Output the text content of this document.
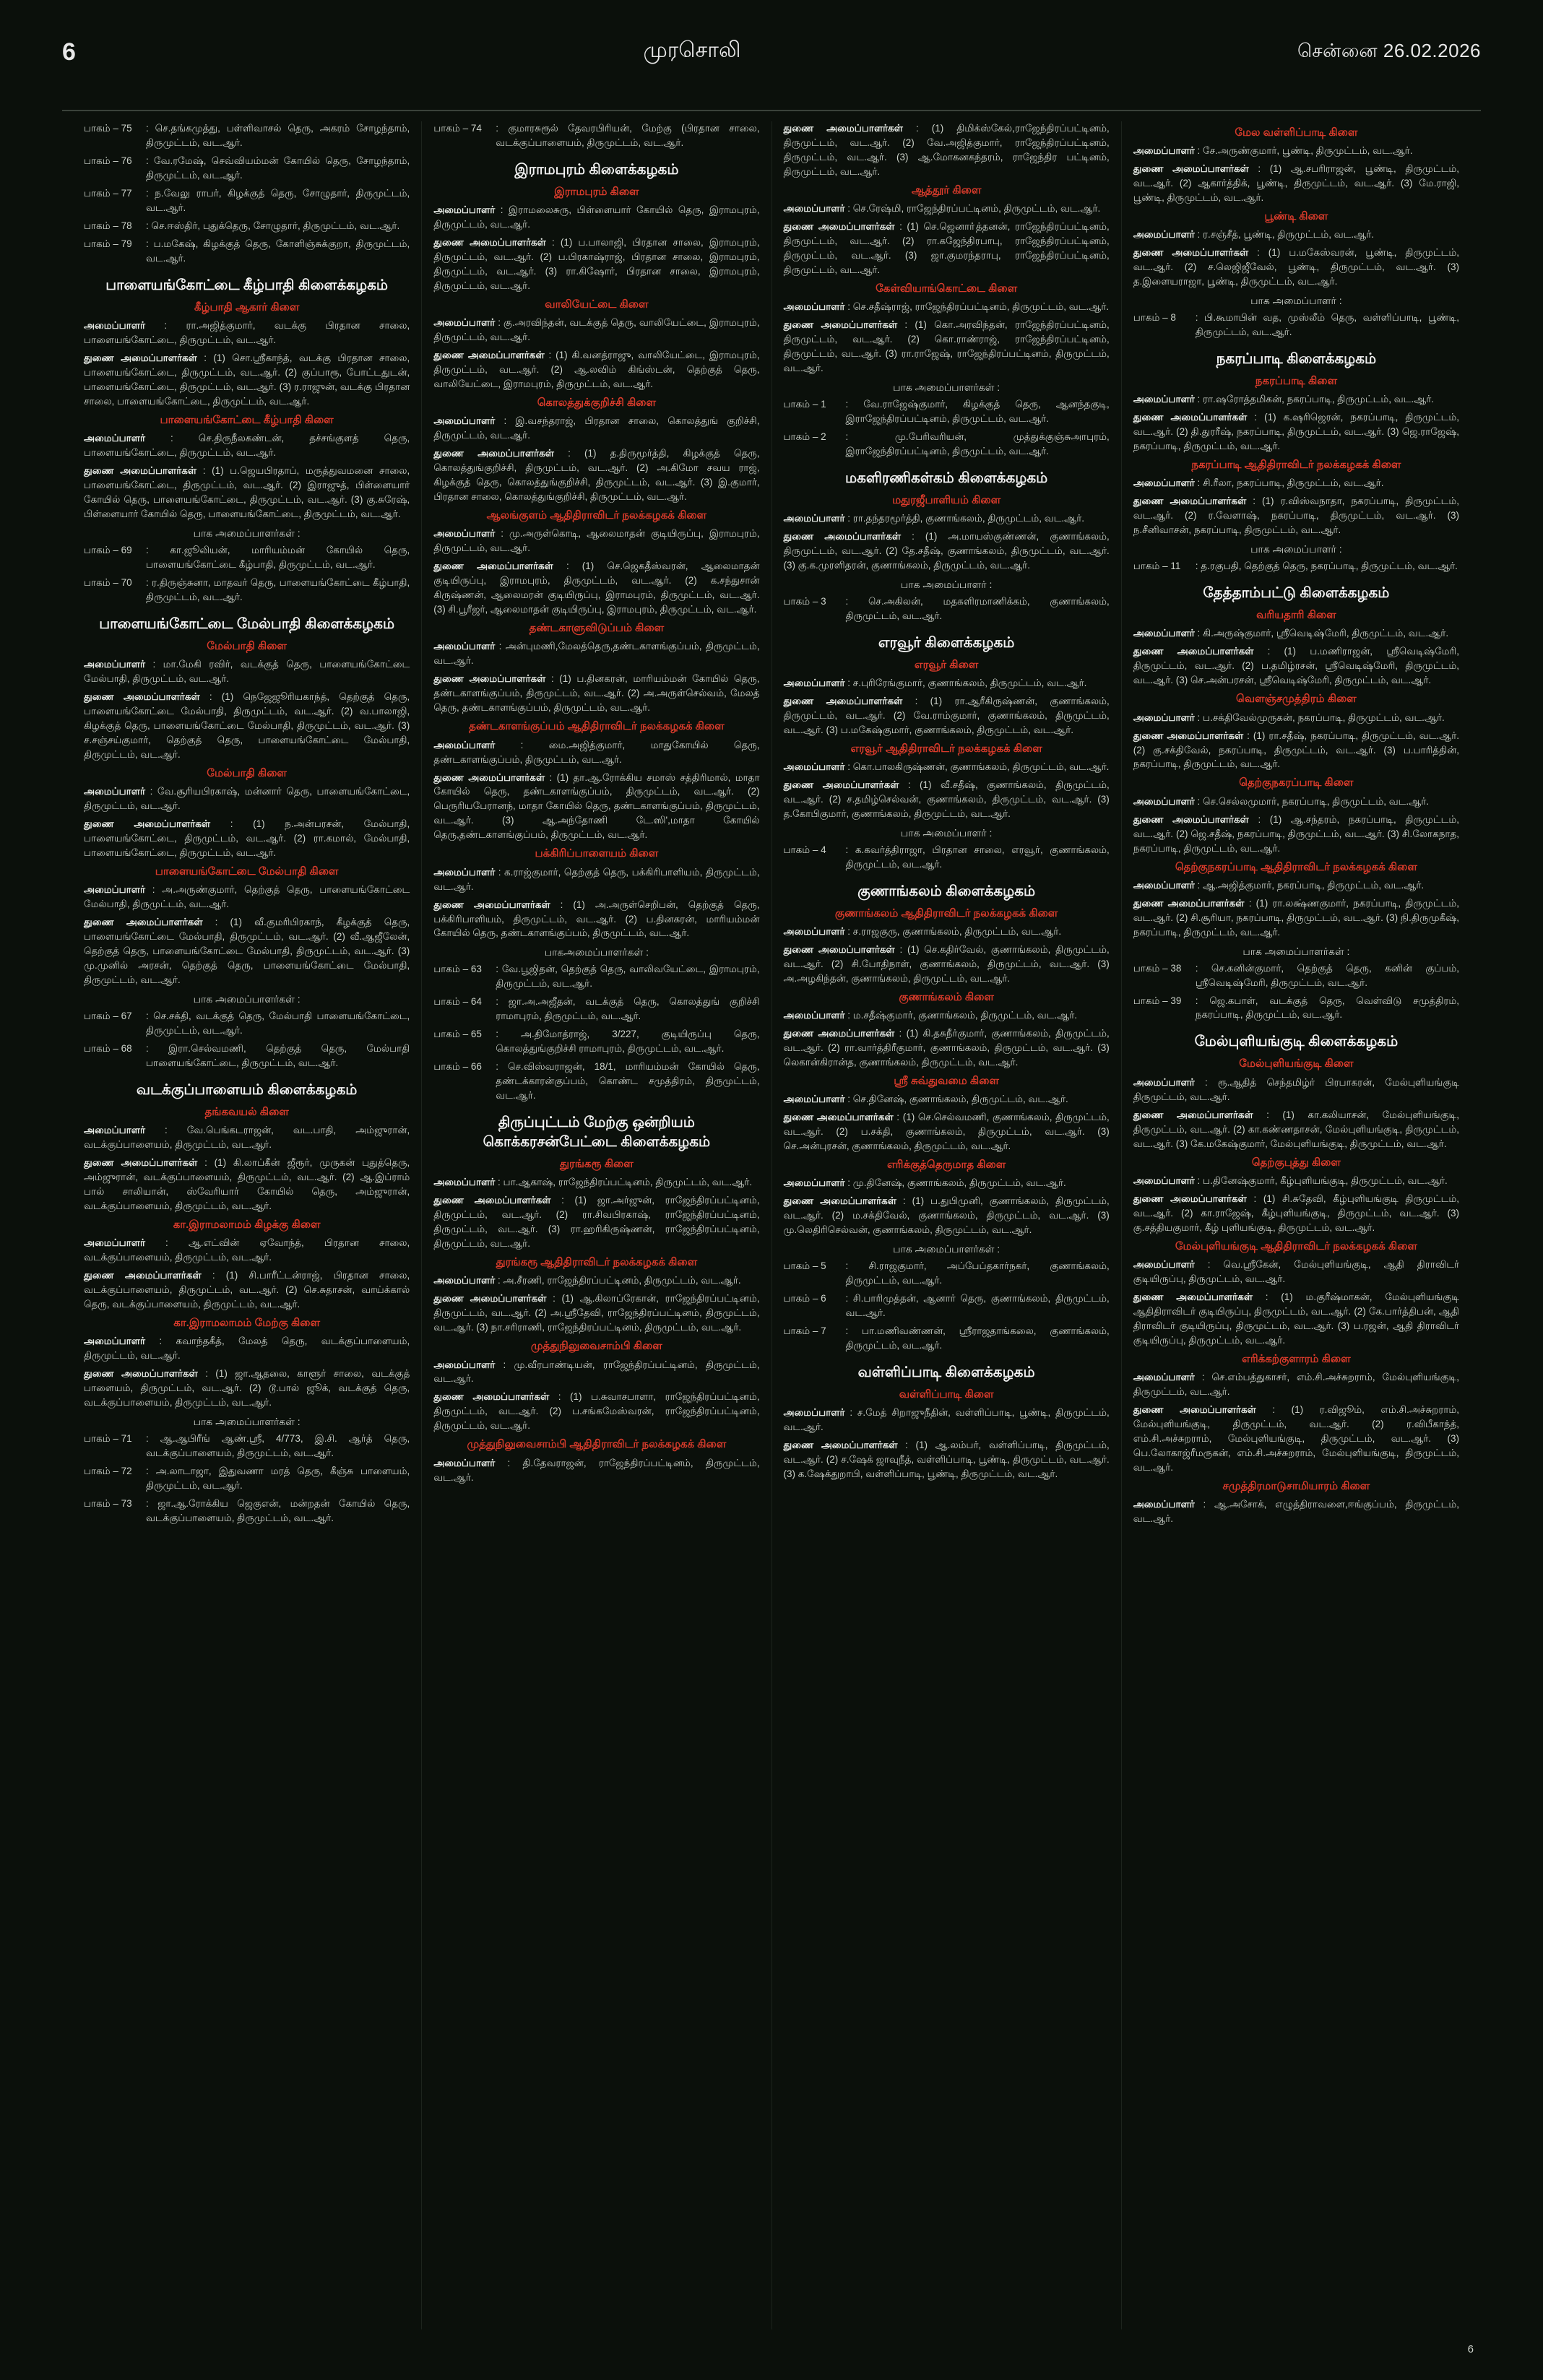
6	முரசொலி	சென்னை 26.02.2026
பாகம் – 75	: செ.தங்கமுத்து, பள்ளிவாசல் தெரு, அகரம் சோழந்தாம், திருமுட்டம், வட.ஆர்.
பாகம் – 76	: வே.ரமேஷ், செவ்வியம்மன் கோயில் தெரு, சோழந்தாம், திருமுட்டம், வட.ஆர்.
பாகம் – 77	: ந.வேலு ராபர், கிழக்குத் தெரு, சோழுதார், திருமுட்டம், வட.ஆர்.
பாகம் – 78	: செ.ஈஸ்திர், புதுக்தெரு, சோழுதார், திருமுட்டம், வட.ஆர்.
பாகம் – 79	: ப.மகேஷ், கிழக்குத் தெரு, கோளிஞ்சுக்குறா, திருமுட்டம், வட.ஆர்.
பாளையங்கோட்டை கீழ்பாதி கிளைக்கழகம்
கீழ்பாதி ஆகார் கிளை

அமைப்பாளர் : ரா.அஜித்குமார், வடக்கு பிரதான சாலை, பாளையங்கோட்டை, திருமுட்டம், வட.ஆர்.

துணை அமைப்பாளர்கள் : (1) சொ.ஸ்ரீகாந்த், வடக்கு பிரதான சாலை, பாளையங்கோட்டை, திருமுட்டம், வட.ஆர். (2) குப்பாரூ, போட்டதுடன், பாளையங்கோட்டை, திருமுட்டம், வட.ஆர். (3) ர.ராஜுன், வடக்கு பிரதான சாலை, பாளையங்கோட்டை, திருமுட்டம், வட.ஆர்.

பாளையங்கோட்டை கீழ்பாதி கிளை

அமைப்பாளர் : செ.திருநீலகண்டன், தச்சங்குளத் தெரு, பாளையங்கோட்டை, திருமுட்டம், வட.ஆர்.

துணை அமைப்பாளர்கள் : (1) ப.ஜெயபிரதாப், மருத்துவமனை சாலை, பாளையங்கோட்டை, திருமுட்டம், வட.ஆர். (2) இராஜுத், பிள்ளையார் கோயில் தெரு, பாளையங்கோட்டை, திருமுட்டம், வட.ஆர். (3) கு.சுரேஷ், பிள்ளையார் கோயில் தெரு, பாளையங்கோட்டை, திருமுட்டம், வட.ஆர்.

பாக அமைப்பாளர்கள் :
பாகம் – 69	: கா.ஜூலியன், மாரியம்மன் கோயில் தெரு, பாளையங்கோட்டை கீழ்பாதி, திருமுட்டம், வட.ஆர்.
பாகம் – 70	: ர.திருஞ்சுனா, மாதவர் தெரு, பாளையங்கோட்டை கீழ்பாதி, திருமுட்டம், வட.ஆர்.
பாளையங்கோட்டை மேல்பாதி கிளைக்கழகம்
மேல்பாதி கிளை

அமைப்பாளர் : மா.மேகி ரவிர், வடக்குத் தெரு, பாளையங்கோட்டை மேல்பாதி, திருமுட்டம், வட.ஆர்.

துணை அமைப்பாளர்கள் : (1) நெஜேஜூரியகாந்த், தெற்குத் தெரு, பாளையங்கோட்டை மேல்பாதி, திருமுட்டம், வட.ஆர். (2) வ.பாலாஜி, கிழக்குத் தெரு, பாளையங்கோட்டை மேல்பாதி, திருமுட்டம், வட.ஆர். (3) ச.சஞ்சய்குமார், தெற்குத் தெரு, பாளையங்கோட்டை மேல்பாதி, திருமுட்டம், வட.ஆர்.

மேல்பாதி கிளை

அமைப்பாளர் : வே.சூரியபிரகாஷ், மன்னார் தெரு, பாளையங்கோட்டை, திருமுட்டம், வட.ஆர்.

துணை அமைப்பாளர்கள் : (1) ந.அன்பரசன், மேல்பாதி, பாளையங்கோட்டை, திருமுட்டம், வட.ஆர். (2) ரா.கமால், மேல்பாதி, பாளையங்கோட்டை, திருமுட்டம், வட.ஆர்.

பாளையங்கோட்டை மேல்பாதி கிளை

அமைப்பாளர் : அ.அருண்குமார், தெற்குத் தெரு, பாளையங்கோட்டை மேல்பாதி, திருமுட்டம், வட.ஆர்.

துணை அமைப்பாளர்கள் : (1) வீ.குமரிபிரகாந், கீழக்குத் தெரு, பாளையங்கோட்டை மேல்பாதி, திருமுட்டம், வட.ஆர். (2) வீ.ஆஜீலேன், தெற்குத் தெரு, பாளையங்கோட்டை மேல்பாதி, திருமுட்டம், வட.ஆர். (3) மு.முனில் அரசன், தெற்குத் தெரு, பாளையங்கோட்டை மேல்பாதி, திருமுட்டம், வட.ஆர்.

பாக அமைப்பாளர்கள் :
பாகம் – 67	: செ.சக்தி, வடக்குத் தெரு, மேல்பாதி பாளையங்கோட்டை, திருமுட்டம், வட.ஆர்.
பாகம் – 68	: இரா.செல்வமணி, தெற்குத் தெரு, மேல்பாதி பாளையங்கோட்டை, திருமுட்டம், வட.ஆர்.
வடக்குப்பாளையம் கிளைக்கழகம்
தங்கவயல் கிளை

அமைப்பாளர் : வே.பெங்கடராஜன், வட.பாதி, அம்ஜுரான், வடக்குப்பாளையம், திருமுட்டம், வட.ஆர்.

துணை அமைப்பாளர்கள் : (1) கி.லாப்கீன் ஜீரூர், முருகன் புதுத்தெரு, அம்ஜுரான், வடக்குப்பாளையம், திருமுட்டம், வட.ஆர். (2) ஆ.இப்ராம் பால் சாலியான், ஸ்வேரியார் கோயில் தெரு, அம்ஜுரான், வடக்குப்பாளையம், திருமுட்டம், வட.ஆர்.

கா.இராமலாமம் கிழக்கு கிளை

அமைப்பாளர் : ஆ.எட்வின் ஏவோந்த், பிரதான சாலை, வடக்குப்பாளையம், திருமுட்டம், வட.ஆர்.

துணை அமைப்பாளர்கள் : (1) சி.பாரீட்டன்ராஜ், பிரதான சாலை, வடக்குப்பாளையம், திருமுட்டம், வட.ஆர். (2) செ.சுதாசன், வாய்க்கால் தெரு, வடக்குப்பாளையம், திருமுட்டம், வட.ஆர்.

கா.இராமலாமம் மேற்கு கிளை

அமைப்பாளர் : கவாந்தகீத், மேலத் தெரு, வடக்குப்பாளையம், திருமுட்டம், வட.ஆர்.

துணை அமைப்பாளர்கள் : (1) ஜா.ஆதலை, காளூர் சாலை, வடக்குத் பாளையம், திருமுட்டம், வட.ஆர். (2) டூ.பால் ஜூக், வடக்குத் தெரு, வடக்குப்பாளையம், திருமுட்டம், வட.ஆர்.

பாக அமைப்பாளர்கள் :
பாகம் – 71	: ஆ.ஆபிரீங் ஆண்.ஸ்ரீ, 4/773, இ.சி. ஆர்த் தெரு, வடக்குப்பாளையம், திருமுட்டம், வட.ஆர்.
பாகம் – 72	: அ.லாடாஜா, இதுவணா மரத் தெரு, கீஞ்சு பாளையம், திருமுட்டம், வட.ஆர்.
பாகம் – 73	: ஜா.ஆ.ரோக்கிய ஜெகுஎன், மன்றதன் கோயில் தெரு, வடக்குப்பாளையம், திருமுட்டம், வட.ஆர்.
பாகம் – 74	: குமாரசுரூல் தேவரபிரியன், மேற்கு (பிரதான சாலை, வடக்குப்பாளையம், திருமுட்டம், வட.ஆர்.
இராமபுரம் கிளைக்கழகம்
இராமபுரம் கிளை

அமைப்பாளர் : இராமலைசுரு, பிள்ளையார் கோயில் தெரு, இராமபுரம், திருமுட்டம், வட.ஆர்.

துணை அமைப்பாளர்கள் : (1) ப.பாலாஜி, பிரதான சாலை, இராமபுரம், திருமுட்டம், வட.ஆர். (2) ப.பிரகாஷ்ராஜ், பிரதான சாலை, இராமபுரம், திருமுட்டம், வட.ஆர். (3) ரா.கிஷோர், பிரதான சாலை, இராமபுரம், திருமுட்டம், வட.ஆர்.

வாலியேட்டை கிளை

அமைப்பாளர் : கு.அரவிந்தன், வடக்குத் தெரு, வாலியேட்டை, இராமபுரம், திருமுட்டம், வட.ஆர்.

துணை அமைப்பாளர்கள் : (1) கி.வனத்ராஜு, வாலியேட்டை, இராமபுரம், திருமுட்டம், வட.ஆர். (2) ஆ.லவிம் கிங்ஸ்டன், தெற்குத் தெரு, வாலியேட்டை, இராமபுரம், திருமுட்டம், வட.ஆர்.

கொலத்துக்குறிச்சி கிளை

அமைப்பாளர் : இ.வசந்தராஜ், பிரதான சாலை, கொலத்துங் குறிச்சி, திருமுட்டம், வட.ஆர்.

துணை அமைப்பாளர்கள் : (1) த.திருமூர்த்தி, கிழக்குத் தெரு, கொலத்துங்குறிச்சி, திருமுட்டம், வட.ஆர். (2) அ.கிமோ சவய ராஜ், கிழக்குத் தெரு, கொலத்துங்குறிச்சி, திருமுட்டம், வட.ஆர். (3) இ.குமார், பிரதான சாலை, கொலத்துங்குறிச்சி, திருமுட்டம், வட.ஆர்.

ஆலங்குளம் ஆதிதிராவிடர் நலக்கழகக் கிளை

அமைப்பாளர் : மு.அருள்கொடி, ஆலைமாதன் குடியிருப்பு, இராமபுரம், திருமுட்டம், வட.ஆர்.

துணை அமைப்பாளர்கள் : (1) செ.ஜெகதீஸ்வரன், ஆலைமாதன் குடியிருப்பு, இராமபுரம், திருமுட்டம், வட.ஆர். (2) க.சந்துசான் கிருஷ்ணன், ஆலைமரன் குடியிருப்பு, இராமபுரம், திருமுட்டம், வட.ஆர். (3) சி.பூரீஜர், ஆலைமாதன் குடியிருப்பு, இராமபுரம், திருமுட்டம், வட.ஆர்.

தண்டகாளுவிடுப்பம் கிளை

அமைப்பாளர் : அன்புமணி,மேலத்தெரு,தண்டகாளங்குப்பம், திருமுட்டம், வட.ஆர்.

துணை அமைப்பாளர்கள் : (1) ப.தினகரன், மாரியம்மன் கோயில் தெரு, தண்டகாளங்குப்பம், திருமுட்டம், வட.ஆர். (2) அ.அருள்செல்வம், மேலத் தெரு, தண்டகாளங்குப்பம், திருமுட்டம், வட.ஆர்.

தண்டகாளங்குப்பம் ஆதிதிராவிடர் நலக்கழகக் கிளை

அமைப்பாளர் : மை.அஜித்குமார், மாதுகோயில் தெரு, தண்டகாளங்குப்பம், திருமுட்டம், வட.ஆர்.

துணை அமைப்பாளர்கள் : (1) தா.ஆ.ரோக்கிய சமாஸ் சத்திரிமால், மாதா கோயில் தெரு, தண்டகாளங்குப்பம், திருமுட்டம், வட.ஆர். (2) பெருரியபேரானந், மாதா கோயில் தெரு, தண்டகாளங்குப்பம், திருமுட்டம், வட.ஆர். (3) ஆ.அந்தோணி டே.ஸி',மாதா கோயில் தெரு,தண்டகாளங்குப்பம், திருமுட்டம், வட.ஆர்.

பக்கிரிப்பாளையம் கிளை

அமைப்பாளர் : க.ராஜ்குமார், தெற்குத் தெரு, பக்கிரிபாளியம், திருமுட்டம், வட.ஆர்.

துணை அமைப்பாளர்கள் : (1) அ.அருள்செறிபன், தெற்குத் தெரு, பக்கிரிபாளியம், திருமுட்டம், வட.ஆர். (2) ப.தினகரன், மாரியம்மன் கோயில் தெரு, தண்டகாளங்குப்பம், திருமுட்டம், வட.ஆர்.

பாகஅமைப்பாளர்கள் :
பாகம் – 63	: வே.பூஜிதன், தெற்குத் தெரு, வாலிவயேட்டை, இராமபுரம், திருமுட்டம், வட.ஆர்.
பாகம் – 64	: ஜா.அ.அஜீதன், வடக்குத் தெரு, கொலத்துங் குறிச்சி ராமாபுரம், திருமுட்டம், வட.ஆர்.
பாகம் – 65	: அ.திமோத்ராஜ், 3/227, குடியிருப்பு தெரு, கொலத்துங்குறிச்சி ராமாபுரம், திருமுட்டம், வட.ஆர்.
பாகம் – 66	: செ.விஸ்வராஜன், 18/1, மாரியம்மன் கோயில் தெரு, தண்டக்காரன்குப்பம், கொண்ட சமுத்திரம், திருமுட்டம், வட.ஆர்.
திருப்புட்டம் மேற்கு ஒன்றியம் கொக்கரசன்பேட்டை கிளைக்கழகம்
துரங்கரூ கிளை

அமைப்பாளர் : பா.ஆகாஷ், ராஜேந்திரப்பட்டினம், திருமுட்டம், வட.ஆர்.

துணை அமைப்பாளர்கள் : (1) ஜா.அர்ஜுன், ராஜேந்திரப்பட்டினம், திருமுட்டம், வட.ஆர். (2) ரா.சிவபிரகாஷ், ராஜேந்திரப்பட்டினம், திருமுட்டம், வட.ஆர். (3) ரா.ஹரிகிருஷ்ணன், ராஜேந்திரப்பட்டினம், திருமுட்டம், வட.ஆர்.

துரங்கரூ ஆதிதிராவிடர் நலக்கழகக் கிளை

அமைப்பாளர் : அ.சீரணி, ராஜேந்திரப்பட்டினம், திருமுட்டம், வட.ஆர்.

துணை அமைப்பாளர்கள் : (1) ஆ.கிலாப்ரேகான், ராஜேந்திரப்பட்டினம், திருமுட்டம், வட.ஆர். (2) அ.ஸ்ரீதேவி, ராஜேந்திரப்பட்டினம், திருமுட்டம், வட.ஆர். (3) நா.சரிராணி, ராஜேந்திரப்பட்டினம், திருமுட்டம், வட.ஆர்.

முத்துநிலுவைசாம்பி கிளை

அமைப்பாளர் : மு.வீரபாண்டியன், ராஜேந்திரப்பட்டினம், திருமுட்டம், வட.ஆர்.

துணை அமைப்பாளர்கள் : (1) ப.சுவாசபாளா, ராஜேந்திரப்பட்டினம், திருமுட்டம், வட.ஆர். (2) ப.சங்கமேஸ்வரன், ராஜேந்திரப்பட்டினம், திருமுட்டம், வட.ஆர்.

முத்துநிலுவைசாம்பி ஆதிதிராவிடர் நலக்கழகக் கிளை

அமைப்பாளர் : தி.தேவராஜன், ராஜேந்திரப்பட்டினம், திருமுட்டம், வட.ஆர்.

துணை அமைப்பாளர்கள் : (1) திமிக்ஸ்கேல்,ராஜேந்திரப்பட்டினம், திருமுட்டம், வட.ஆர். (2) வே.அஜித்குமார், ராஜேந்திரப்பட்டினம், திருமுட்டம், வட.ஆர். (3) ஆ.மோகனகந்தரம், ராஜேந்திர பட்டினம், திருமுட்டம், வட.ஆர்.

ஆத்தூர் கிளை

அமைப்பாளர் : செ.ரேஷ்மி, ராஜேந்திரப்பட்டினம், திருமுட்டம், வட.ஆர்.

துணை அமைப்பாளர்கள் : (1) செ.ஜெனாா்த்தனன், ராஜேந்திரப்பட்டினம், திருமுட்டம், வட.ஆர். (2) ரா.கஜேந்திரபாபு, ராஜேந்திரப்பட்டினம், திருமுட்டம், வட.ஆர். (3) ஜா.குமரந்தராபு, ராஜேந்திரப்பட்டினம், திருமுட்டம், வட.ஆர்.

கேள்வியாங்கொட்டை கிளை

அமைப்பாளர் : செ.சதீஷ்ராஜ், ராஜேந்திரப்பட்டினம், திருமுட்டம், வட.ஆர்.

துணை அமைப்பாளர்கள் : (1) கொ.அரவிந்தன், ராஜேந்திரப்பட்டினம், திருமுட்டம், வட.ஆர். (2) கொ.ராண்ராஜ், ராஜேந்திரப்பட்டினம், திருமுட்டம், வட.ஆர். (3) ரா.ராஜேஷ், ராஜேந்திரப்பட்டினம், திருமுட்டம், வட.ஆர்.

பாக அமைப்பாளர்கள் :
பாகம் – 1	: வே.ராஜேஷ்குமார், கிழக்குத் தெரு, ஆனந்தகுடி, இராஜேந்திரப்பட்டினம், திருமுட்டம், வட.ஆர்.
பாகம் – 2	: மு.பேரிவரியன், முத்துக்குஞ்சுஅாபுரம், இராஜேந்திரப்பட்டினம், திருமுட்டம், வட.ஆர்.
மகளிரணிகள்கம் கிளைக்கழகம்
மதுரஜீபாளியம் கிளை

அமைப்பாளர் : ரா.தந்தரமூர்த்தி, குணாங்கலம், திருமுட்டம், வட.ஆர்.

துணை அமைப்பாளர்கள் : (1) அ.மாயஸ்குண்ணன், குணாங்கலம், திருமுட்டம், வட.ஆர். (2) தே.சதீஷ், குணாங்கலம், திருமுட்டம், வட.ஆர். (3) கு.க.முரளிதரன், குணாங்கலம், திருமுட்டம், வட.ஆர்.

பாக அமைப்பாளர் :
பாகம் – 3	: செ.அகிலன், மதகளிரமாணிக்கம், குணாங்கலம், திருமுட்டம், வட.ஆர்.
எரவூர் கிளைக்கழகம்
எரவூர் கிளை

அமைப்பாளர் : ச.புரிரேங்குமார், குணாங்கலம், திருமுட்டம், வட.ஆர்.

துணை அமைப்பாளர்கள் : (1) ரா.ஆரீகிருஷ்ணன், குணாங்கலம், திருமுட்டம், வட.ஆர். (2) வே.ராம்குமார், குணாங்கலம், திருமுட்டம், வட.ஆர். (3) ப.மகேஷ்குமார், குணாங்கலம், திருமுட்டம், வட.ஆர்.

எரவூர் ஆதிதிராவிடர் நலக்கழகக் கிளை

அமைப்பாளர் : கொ.பாலகிருஷ்ணன், குணாங்கலம், திருமுட்டம், வட.ஆர்.

துணை அமைப்பாளர்கள் : (1) வீ.சதீஷ், குணாங்கலம், திருமுட்டம், வட.ஆர். (2) ச.தமிழ்செல்வன், குணாங்கலம், திருமுட்டம், வட.ஆர். (3) த.கோபிகுமார், குணாங்கலம், திருமுட்டம், வட.ஆர்.

பாக அமைப்பாளர் :
பாகம் – 4	: க.கவர்த்திராஜா, பிரதான சாலை, எரவூர், குணாங்கலம், திருமுட்டம், வட.ஆர்.
குணாங்கலம் கிளைக்கழகம்
குணாங்கலம் ஆதிதிராவிடர் நலக்கழகக் கிளை

அமைப்பாளர் : ச.ராஜகுரு, குணாங்கலம், திருமுட்டம், வட.ஆர்.

துணை அமைப்பாளர்கள் : (1) செ.கதிர்வேல், குணாங்கலம், திருமுட்டம், வட.ஆர். (2) சி.போதிநாள், குணாங்கலம், திருமுட்டம், வட.ஆர். (3) அ.அழகிந்தன், குணாங்கலம், திருமுட்டம், வட.ஆர்.

குணாங்கலம் கிளை

அமைப்பாளர் : ம.சதீஷ்குமார், குணாங்கலம், திருமுட்டம், வட.ஆர்.

துணை அமைப்பாளர்கள் : (1) கி.தசுநீர்குமார், குணாங்கலம், திருமுட்டம், வட.ஆர். (2) ரா.வார்த்திரீகுமார், குணாங்கலம், திருமுட்டம், வட.ஆர். (3) லெகான்கிரான்த, குணாங்கலம், திருமுட்டம், வட.ஆர்.

ஸ்ரீ சுவ்துவமை கிளை

அமைப்பாளர் : செ.தினேஷ், குணாங்கலம், திருமுட்டம், வட.ஆர்.

துணை அமைப்பாளர்கள் : (1) செ.செல்வமணி, குணாங்கலம், திருமுட்டம், வட.ஆர். (2) ப.சக்தி, குணாங்கலம், திருமுட்டம், வட.ஆர். (3) செ.அன்புரசன், குணாங்கலம், திருமுட்டம், வட.ஆர்.

எரிக்குத்தெருமாத கிளை

அமைப்பாளர் : மு.தினேஷ், குணாங்கலம், திருமுட்டம், வட.ஆர்.

துணை அமைப்பாளர்கள் : (1) ப.துபிமுனி, குணாங்கலம், திருமுட்டம், வட.ஆர். (2) ம.சக்திவேல், குணாங்கலம், திருமுட்டம், வட.ஆர். (3) மு.லெதிரிசெல்வன், குணாங்கலம், திருமுட்டம், வட.ஆர்.

பாக அமைப்பாளர்கள் :
பாகம் – 5	: சி.ராஜகுமார், அப்பேப்தகார்நகர், குணாங்கலம், திருமுட்டம், வட.ஆர்.
பாகம் – 6	: சி.பாரிமுத்தன், ஆனார் தெரு, குணாங்கலம், திருமுட்டம், வட.ஆர்.
பாகம் – 7	: பா.மணிவண்ணன், ஸ்ரீராஜதாங்கலை, குணாங்கலம், திருமுட்டம், வட.ஆர்.
வள்ளிப்பாடி கிளைக்கழகம்
வள்ளிப்பாடி கிளை

அமைப்பாளர் : ச.மேத் சிறாஜுநீதின், வள்ளிப்பாடி, பூண்டி, திருமுட்டம், வட.ஆர்.

துணை அமைப்பாளர்கள் : (1) ஆ.லம்பர், வள்ளிப்பாடி, திருமுட்டம், வட.ஆர். (2) ச.ஷேக் ஜாவுநீத், வள்ளிப்பாடி, பூண்டி, திருமுட்டம், வட.ஆர். (3) க.ஷேக்துறாபி, வள்ளிப்பாடி, பூண்டி, திருமுட்டம், வட.ஆர்.

மேல வள்ளிப்பாடி கிளை

அமைப்பாளர் : சே.அருண்குமார், பூண்டி, திருமுட்டம், வட.ஆர்.

துணை அமைப்பாளர்கள் : (1) ஆ.சபரிராஜன், பூண்டி, திருமுட்டம், வட.ஆர். (2) ஆகார்த்திக், பூண்டி, திருமுட்டம், வட.ஆர். (3) மே.ராஜி, பூண்டி, திருமுட்டம், வட.ஆர்.

பூண்டி கிளை

அமைப்பாளர் : ர.சஞ்சீத், பூண்டி, திருமுட்டம், வட.ஆர்.

துணை அமைப்பாளர்கள் : (1) ப.மகேஸ்வரன், பூண்டி, திருமுட்டம், வட.ஆர். (2) ச.லெஜிஜீவேல், பூண்டி, திருமுட்டம், வட.ஆர். (3) த.இளையராஜா, பூண்டி, திருமுட்டம், வட.ஆர்.

பாக அமைப்பாளர் :
பாகம் – 8	: பி.கூமாபின் வத, முஸ்லீம் தெரு, வள்ளிப்பாடி, பூண்டி, திருமுட்டம், வட.ஆர்.
நகரப்பாடி கிளைக்கழகம்
நகரப்பாடி கிளை

அமைப்பாளர் : ரா.ஷரோத்தமிகன், நகரப்பாடி, திருமுட்டம், வட.ஆர்.

துணை அமைப்பாளர்கள் : (1) க.ஷரிஜெரன், நகரப்பாடி, திருமுட்டம், வட.ஆர். (2) தி.துரரீஷ், நகரப்பாடி, திருமுட்டம், வட.ஆர். (3) ஜெ.ராஜேஷ், நகரப்பாடி, திருமுட்டம், வட.ஆர்.

நகரப்பாடி ஆதிதிராவிடர் நலக்கழகக் கிளை

அமைப்பாளர் : சி.ரீலா, நகரப்பாடி, திருமுட்டம், வட.ஆர்.

துணை அமைப்பாளர்கள் : (1) ர.விஸ்வநாதா, நகரப்பாடி, திருமுட்டம், வட.ஆர். (2) ர.வேளாஷ், நகரப்பாடி, திருமுட்டம், வட.ஆர். (3) ந.சீனிவாசன், நகரப்பாடி, திருமுட்டம், வட.ஆர்.

பாக அமைப்பாளர் :
பாகம் – 11	: த.ரகுபதி, தெற்குத் தெரு, நகரப்பாடி, திருமுட்டம், வட.ஆர்.
தேத்தாம்பட்டு கிளைக்கழகம்
வரியதாரி கிளை

அமைப்பாளர் : கி.அருஷ்குமார், ஸ்ரீவெடிஷ்மேரி, திருமுட்டம், வட.ஆர்.

துணை அமைப்பாளர்கள் : (1) ப.மணிராஜன், ஸ்ரீவெடிஷ்மேரி, திருமுட்டம், வட.ஆர். (2) ப.தமிழ்ரசன், ஸ்ரீவெடிஷ்மேரி, திருமுட்டம், வட.ஆர். (3) செ.அன்பரசன், ஸ்ரீவெடிஷ்மேரி, திருமுட்டம், வட.ஆர்.

வெளஞ்சமுத்திரம் கிளை

அமைப்பாளர் : ப.சக்திவேல்முருகன், நகரப்பாடி, திருமுட்டம், வட.ஆர்.

துணை அமைப்பாளர்கள் : (1) ரா.சதீஷ், நகரப்பாடி, திருமுட்டம், வட.ஆர். (2) கு.சக்திவேல், நகரப்பாடி, திருமுட்டம், வட.ஆர். (3) ப.பாரித்தின், நகரப்பாடி, திருமுட்டம், வட.ஆர்.

தெற்குநகரப்பாடி கிளை

அமைப்பாளர் : செ.செல்லமுமார், நகரப்பாடி, திருமுட்டம், வட.ஆர்.

துணை அமைப்பாளர்கள் : (1) ஆ.சந்தரம், நகரப்பாடி, திருமுட்டம், வட.ஆர். (2) ஜெ.சதீஷ், நகரப்பாடி, திருமுட்டம், வட.ஆர். (3) சி.லோகநாத, நகரப்பாடி, திருமுட்டம், வட.ஆர்.

தெற்குநகரப்பாடி ஆதிதிராவிடர் நலக்கழகக் கிளை

அமைப்பாளர் : ஆ.அஜித்குமார், நகரப்பாடி, திருமுட்டம், வட.ஆர்.

துணை அமைப்பாளர்கள் : (1) ரா.லக்ஷ்ணகுமார், நகரப்பாடி, திருமுட்டம், வட.ஆர். (2) சி.சூரியா, நகரப்பாடி, திருமுட்டம், வட.ஆர். (3) நி.திருமுகீஷ், நகரப்பாடி, திருமுட்டம், வட.ஆர்.

பாக அமைப்பாளர்கள் :
பாகம் – 38	: செ.கனின்குமார், தெற்குத் தெரு, கனின் குப்பம், ஸ்ரீவெடிஷ்மேரி, திருமுட்டம், வட.ஆர்.
பாகம் – 39	: ஜெ.கபாள், வடக்குத் தெரு, வெள்விடு சமுத்திரம், நகரப்பாடி, திருமுட்டம், வட.ஆர்.
மேல்புளியங்குடி கிளைக்கழகம்
மேல்புளியங்குடி கிளை

அமைப்பாளர் : ரூ.ஆதித் செந்தமிழ்ர் பிரபாகரன், மேல்புளியங்குடி திருமுட்டம், வட.ஆர்.

துணை அமைப்பாளர்கள் : (1) கா.கலியாசன், மேல்புளியங்குடி, திருமுட்டம், வட.ஆர். (2) கா.கண்ணதாசன், மேல்புளியங்குடி, திருமுட்டம், வட.ஆர். (3) கே.மகேஷ்குமார், மேல்புளியங்குடி, திருமுட்டம், வட.ஆர்.

தெற்குபுத்து கிளை

அமைப்பாளர் : ப.தினேஷ்குமார், கீழ்புளியங்குடி, திருமுட்டம், வட.ஆர்.

துணை அமைப்பாளர்கள் : (1) சி.சுதேவி, கீழ்புளியங்குடி திருமுட்டம், வட.ஆர். (2) கா.ராஜேஷ், கீழ்புளியங்குடி, திருமுட்டம், வட.ஆர். (3) கு.சத்தியகுமார், கீழ் புளியங்குடி, திருமுட்டம், வட.ஆர்.

மேல்புளியங்குடி ஆதிதிராவிடர் நலக்கழகக் கிளை

அமைப்பாளர் : வெ.ஸ்ரீகேன், மேல்புளியங்குடி, ஆதி திராவிடர் குடியிருப்பு, திருமுட்டம், வட.ஆர்.

துணை அமைப்பாளர்கள் : (1) ம.குரீஷ்மாகன், மேல்புளியங்குடி ஆதிதிராவிடர் குடியிருப்பு, திருமுட்டம், வட.ஆர். (2) கே.பார்த்திபன், ஆதி திராவிடர் குடியிருப்பு, திருமுட்டம், வட.ஆர். (3) ப.ரஜன், ஆதி திராவிடர் குடியிருப்பு, திருமுட்டம், வட.ஆர்.

எரிக்கற்குளாரம் கிளை

அமைப்பாளர் : செ.எம்பத்துகாசர், எம்.சி.அச்சுறராம், மேல்புளியங்குடி, திருமுட்டம், வட.ஆர்.

துணை அமைப்பாளர்கள் : (1) ர.விஜூம், எம்.சி.அச்சுறராம், மேல்புளியங்குடி, திருமுட்டம், வட.ஆர். (2) ர.விபீகாந்த், எம்.சி.அச்சுறராம், மேல்புளியங்குடி, திருமுட்டம், வட.ஆர். (3) பெ.லோகாஜ்ரீமருகன், எம்.சி.அச்சுறராம், மேல்புளியங்குடி, திருமுட்டம், வட.ஆர்.

சமுத்திரமாடுசாமியாரம் கிளை

அமைப்பாளர் : ஆ.அசோக், எழுத்திராவளை,ஈங்குப்பம், திருமுட்டம், வட.ஆர்.

6
